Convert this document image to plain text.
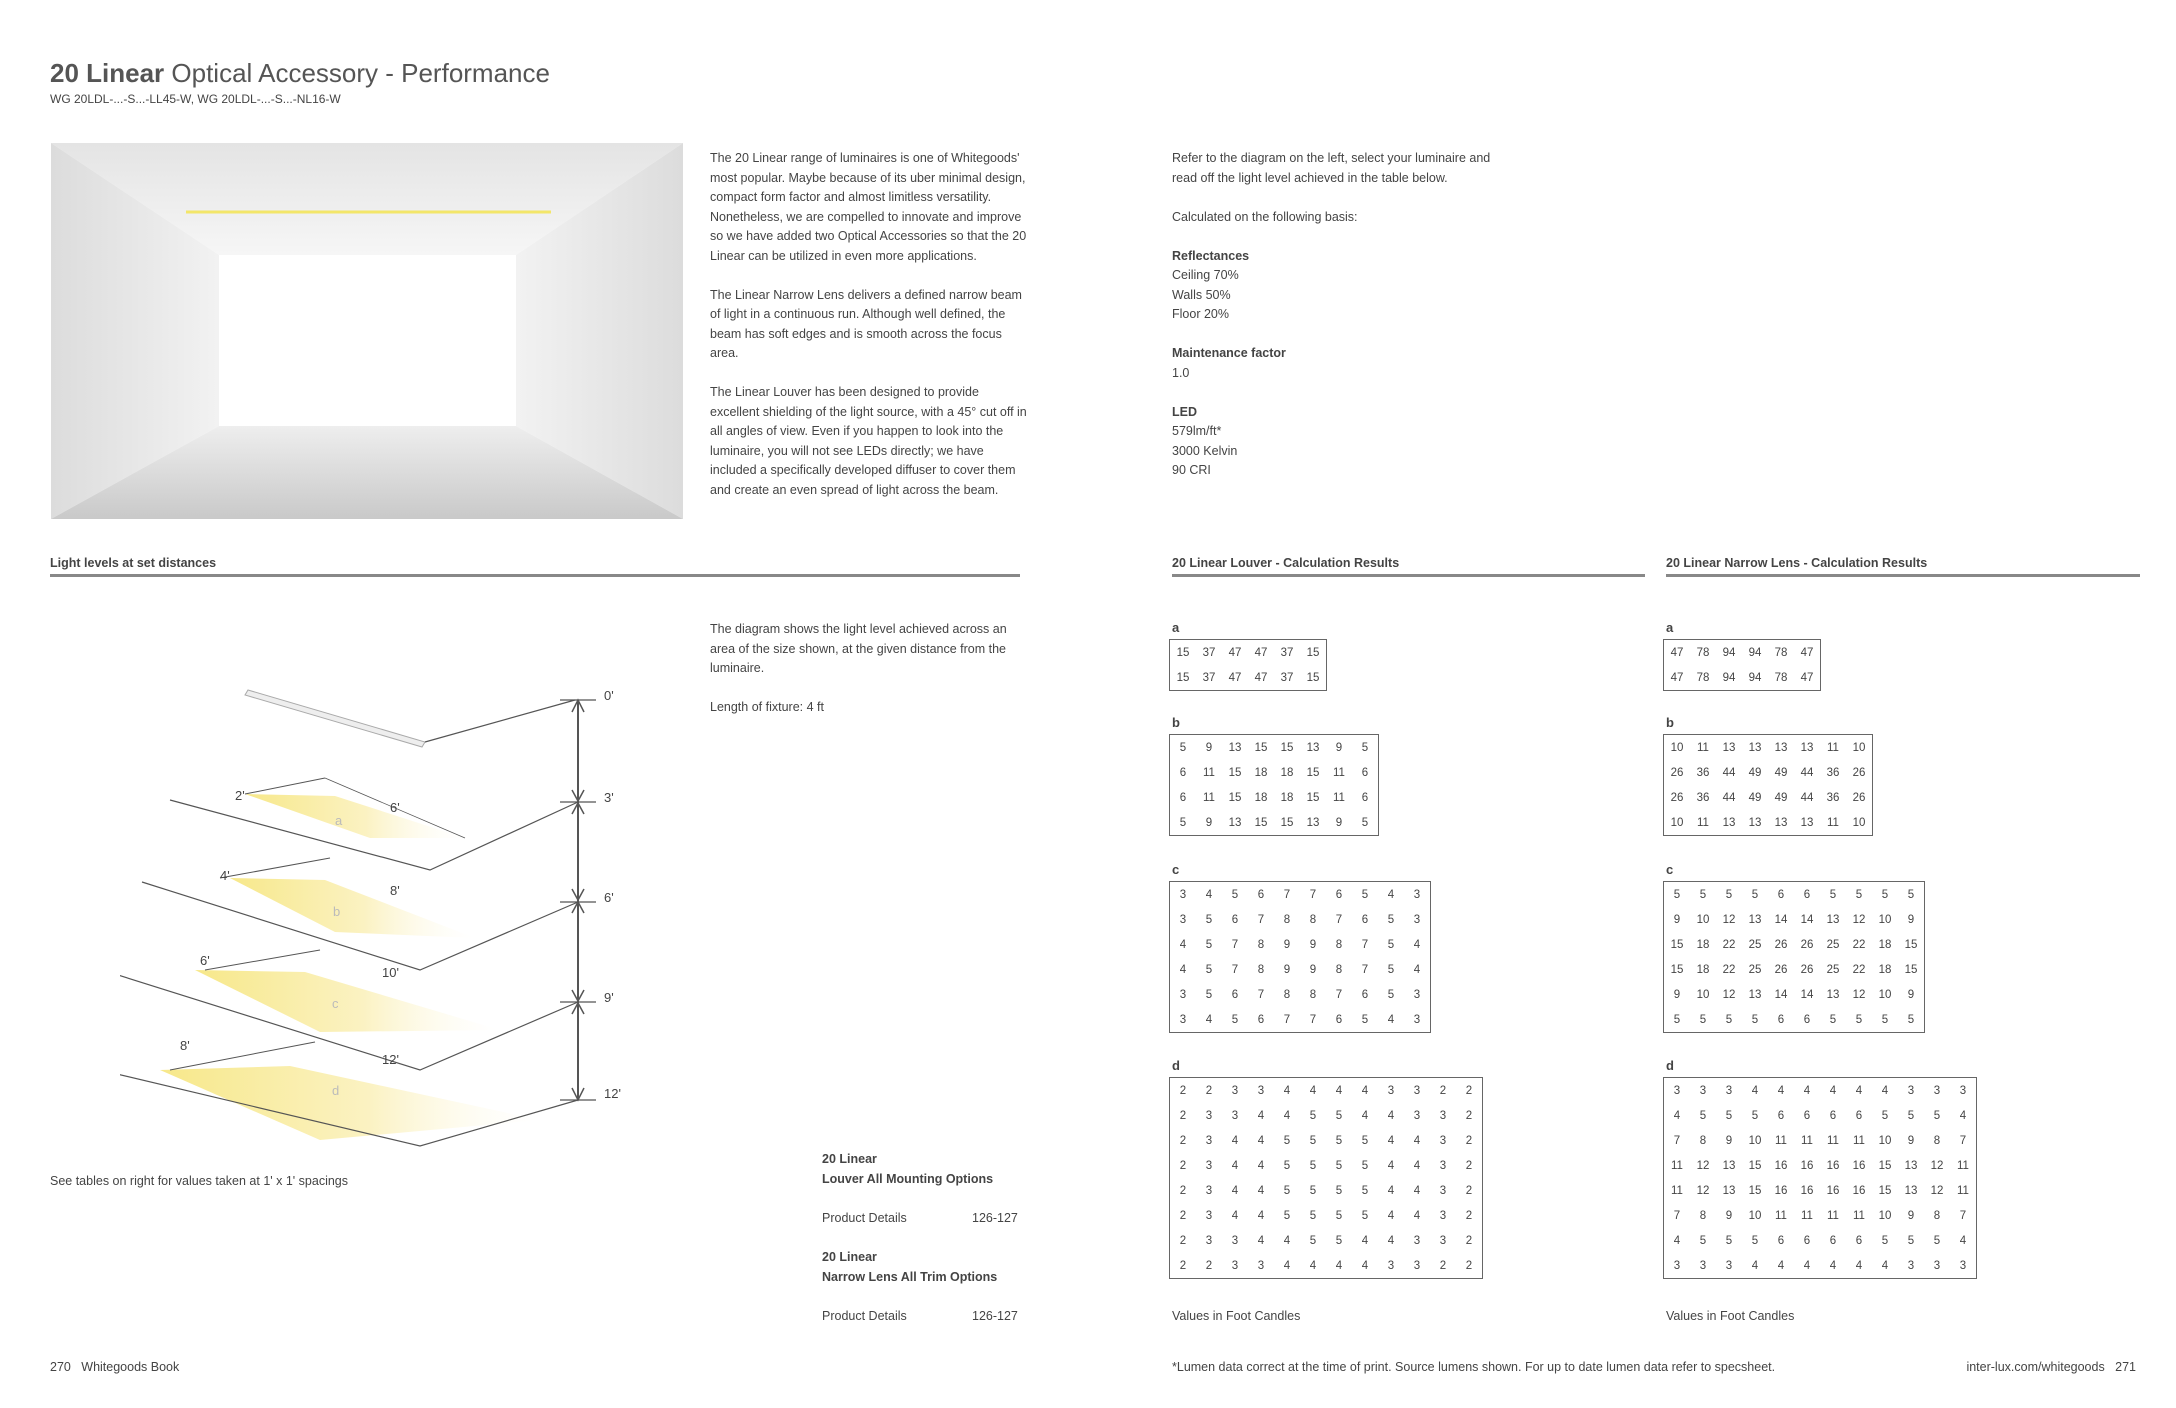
20 Linear Optical Accessory - Performance
WG 20LDL-...-S...-LL45-W, WG 20LDL-...-S...-NL16-W

The 20 Linear range of luminaires is one of Whitegoods' most popular. Maybe because of its uber minimal design, compact form factor and almost limitless versatility. Nonetheless, we are compelled to innovate and improve so we have added two Optical Accessories so that the 20 Linear can be utilized in even more applications.

The Linear Narrow Lens delivers a defined narrow beam of light in a continuous run. Although well defined, the beam has soft edges and is smooth across the focus area.

The Linear Louver has been designed to provide excellent shielding of the light source, with a 45° cut off in all angles of view. Even if you happen to look into the luminaire, you will not see LEDs directly; we have included a specifically developed diffuser to cover them and create an even spread of light across the beam.

Refer to the diagram on the left, select your luminaire and read off the light level achieved in the table below.

Calculated on the following basis:

Reflectances
Ceiling 70%
Walls 50%
Floor 20%
Maintenance factor
1.0
LED
579lm/ft*
3000 Kelvin
90 CRI
Light levels at set distances	20 Linear Louver - Calculation Results	20 Linear Narrow Lens - Calculation Results
0'
3'
6'
9'
12'
a
2'
6'
b
4'
8'
c
6'
10'
d
8'
12'

The diagram shows the light level achieved across an area of the size shown, at the given distance from the luminaire.

Length of fixture: 4 ft

See tables on right for values taken at 1' x 1' spacings
20 Linear
Louver All Mounting Options
Product Details	126-127
20 Linear
Narrow Lens All Trim Options
Product Details	126-127
a
15	37	47	47	37	15
15	37	47	47	37	15
b
5	9	13	15	15	13	9	5
6	11	15	18	18	15	11	6
6	11	15	18	18	15	11	6
5	9	13	15	15	13	9	5
c
3	4	5	6	7	7	6	5	4	3
3	5	6	7	8	8	7	6	5	3
4	5	7	8	9	9	8	7	5	4
4	5	7	8	9	9	8	7	5	4
3	5	6	7	8	8	7	6	5	3
3	4	5	6	7	7	6	5	4	3
d
2	2	3	3	4	4	4	4	3	3	2	2
2	3	3	4	4	5	5	4	4	3	3	2
2	3	4	4	5	5	5	5	4	4	3	2
2	3	4	4	5	5	5	5	4	4	3	2
2	3	4	4	5	5	5	5	4	4	3	2
2	3	4	4	5	5	5	5	4	4	3	2
2	3	3	4	4	5	5	4	4	3	3	2
2	2	3	3	4	4	4	4	3	3	2	2
Values in Foot Candles
a
47	78	94	94	78	47
47	78	94	94	78	47
b
10	11	13	13	13	13	11	10
26	36	44	49	49	44	36	26
26	36	44	49	49	44	36	26
10	11	13	13	13	13	11	10
c
5	5	5	5	6	6	5	5	5	5
9	10	12	13	14	14	13	12	10	9
15	18	22	25	26	26	25	22	18	15
15	18	22	25	26	26	25	22	18	15
9	10	12	13	14	14	13	12	10	9
5	5	5	5	6	6	5	5	5	5
d
3	3	3	4	4	4	4	4	4	3	3	3
4	5	5	5	6	6	6	6	5	5	5	4
7	8	9	10	11	11	11	11	10	9	8	7
11	12	13	15	16	16	16	16	15	13	12	11
11	12	13	15	16	16	16	16	15	13	12	11
7	8	9	10	11	11	11	11	10	9	8	7
4	5	5	5	6	6	6	6	5	5	5	4
3	3	3	4	4	4	4	4	4	3	3	3
Values in Foot Candles
270 Whitegoods Book	*Lumen data correct at the time of print. Source lumens shown. For up to date lumen data refer to specsheet.	inter-lux.com/whitegoods 271
